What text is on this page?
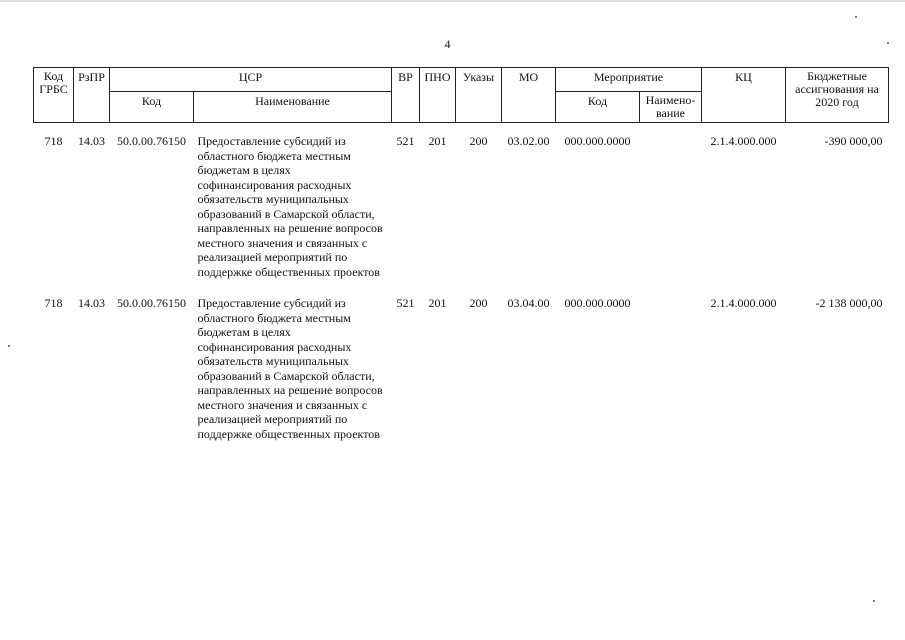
4
Код ГРБС	РзПР	ЦСР		ВР	ПНО	Указы	МО	Мероприятие		КЦ	Бюджетные ассигнования на 2020 год
		Код	Наименование					Код	Наимено-вание		

718	14.03	50.0.00.76150	Предоставление субсидий из областного бюджета местным бюджетам в целях софинансирования расходных обязательств муниципальных образований в Самарской области, направленных на решение вопросов местного значения и связанных с реализацией мероприятий по поддержке общественных проектов	521	201	200	03.02.00	000.000.0000		2.1.4.000.000	-390 000,00

718	14.03	50.0.00.76150	Предоставление субсидий из областного бюджета местным бюджетам в целях софинансирования расходных обязательств муниципальных образований в Самарской области, направленных на решение вопросов местного значения и связанных с реализацией мероприятий по поддержке общественных проектов	521	201	200	03.04.00	000.000.0000		2.1.4.000.000	-2 138 000,00
